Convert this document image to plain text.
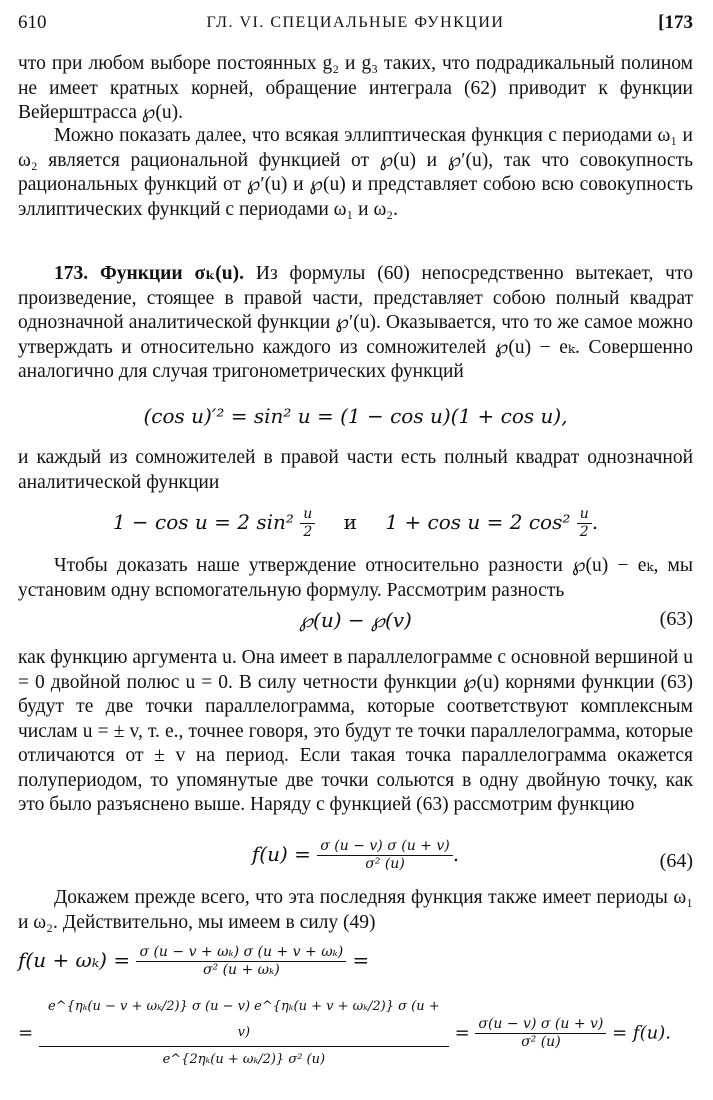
610	ГЛ. VI. СПЕЦИАЛЬНЫЕ ФУНКЦИИ	[173
что при любом выборе постоянных g₂ и g₃ таких, что подрадикальный полином не имеет кратных корней, обращение интеграла (62) приводит к функции Вейерштрасса ℘(u).
Можно показать далее, что всякая эллиптическая функция с периодами ω₁ и ω₂ является рациональной функцией от ℘(u) и ℘′(u), так что совокупность рациональных функций от ℘′(u) и ℘(u) и представляет собою всю совокупность эллиптических функций с периодами ω₁ и ω₂.
173. Функции σₖ(u). Из формулы (60) непосредственно вытекает, что произведение, стоящее в правой части, представляет собою полный квадрат однозначной аналитической функции ℘′(u). Оказывается, что то же самое можно утверждать и относительно каждого из сомножителей ℘(u) − eₖ. Совершенно аналогично для случая тригонометрических функций
(cos u)′² = sin² u = (1 − cos u)(1 + cos u),
и каждый из сомножителей в правой части есть полный квадрат однозначной аналитической функции
1 − cos u = 2 $\sin^2 \frac{u}{2}$ и 1 + cos u = 2 $\cos^2 \frac{u}{2}$ .
Чтобы доказать наше утверждение относительно разности ℘(u) − eₖ, мы установим одну вспомогательную формулу. Рассмотрим разность
℘(u) − ℘(v)	(63)
как функцию аргумента u. Она имеет в параллелограмме с основной вершиной u = 0 двойной полюс u = 0. В силу четности функции ℘(u) корнями функции (63) будут те две точки параллелограмма, которые соответствуют комплексным числам u = ± v, т. е., точнее говоря, это будут те точки параллелограмма, которые отличаются от ± v на период. Если такая точка параллелограмма окажется полупериодом, то упомянутые две точки сольются в одну двойную точку, как это было разъяснено выше. Наряду с функцией (63) рассмотрим функцию
$f(u) = \frac{\sigma (u - v) \sigma (u + v)}{\text{σ² (u)}}$ .	(64)
Докажем прежде всего, что эта последняя функция также имеет периоды ω₁ и ω₂. Действительно, мы имеем в силу (49)
$f(u + \omega_k) = \frac{\text{σ (u − v + ωₖ) σ (u + v + ωₖ)}}{\text{σ² (u + ωₖ)}}$ =
=
e^{ηₖ(u − v + ωₖ/2)} σ (u − v) e^{ηₖ(u + v + ωₖ/2)} σ (u + v)
e^{2ηₖ(u + ωₖ/2)} σ² (u)
= $\frac{\sigma(u - v) \sigma (u + v)}{\text{σ² (u)}} = f(u)$.
